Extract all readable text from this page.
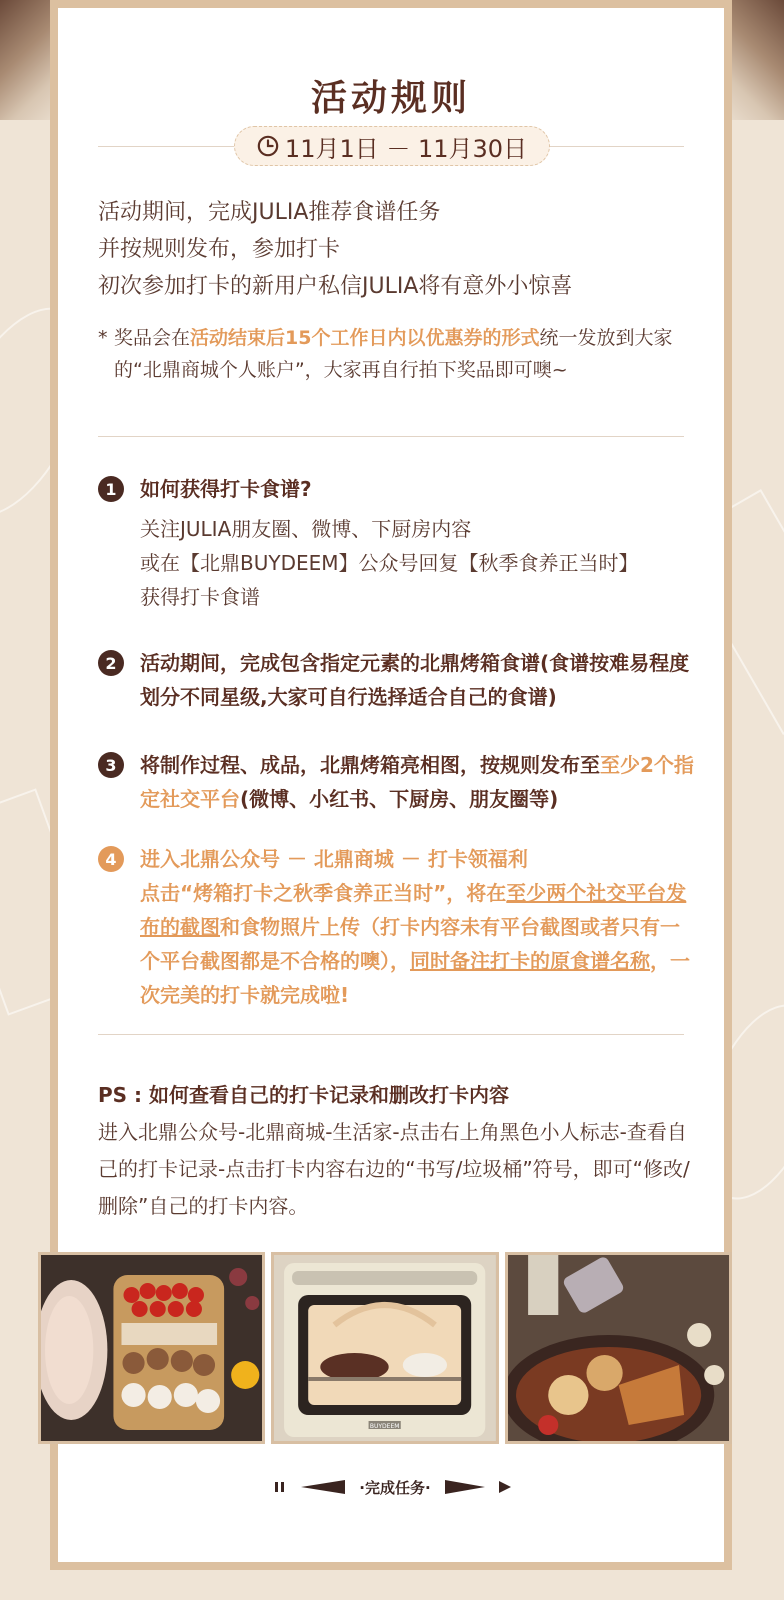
活动规则
11月1日 － 11月30日
活动期间，完成JULIA推荐食谱任务
并按规则发布，参加打卡
初次参加打卡的新用户私信JULIA将有意外小惊喜
* 奖品会在活动结束后15个工作日内以优惠券的形式统一发放到大家的“北鼎商城个人账户”，大家再自行拍下奖品即可噢~
1	如何获得打卡食谱?
关注JULIA朋友圈、微博、下厨房内容
或在【北鼎BUYDEEM】公众号回复【秋季食养正当时】
获得打卡食谱
2	活动期间，完成包含指定元素的北鼎烤箱食谱(食谱按难易程度划分不同星级,大家可自行选择适合自己的食谱)
3	将制作过程、成品，北鼎烤箱亮相图，按规则发布至至少2个指定社交平台(微博、小红书、下厨房、朋友圈等)
4	进入北鼎公众号 － 北鼎商城 － 打卡领福利
点击“烤箱打卡之秋季食养正当时”，将在至少两个社交平台发布的截图和食物照片上传（打卡内容未有平台截图或者只有一个平台截图都是不合格的噢），同时备注打卡的原食谱名称，一次完美的打卡就完成啦!
PS : 如何查看自己的打卡记录和删改打卡内容
进入北鼎公众号-北鼎商城-生活家-点击右上角黑色小人标志-查看自己的打卡记录-点击打卡内容右边的“书写/垃圾桶”符号，即可“修改/删除”自己的打卡内容。
BUYDEEM
·完成任务·
